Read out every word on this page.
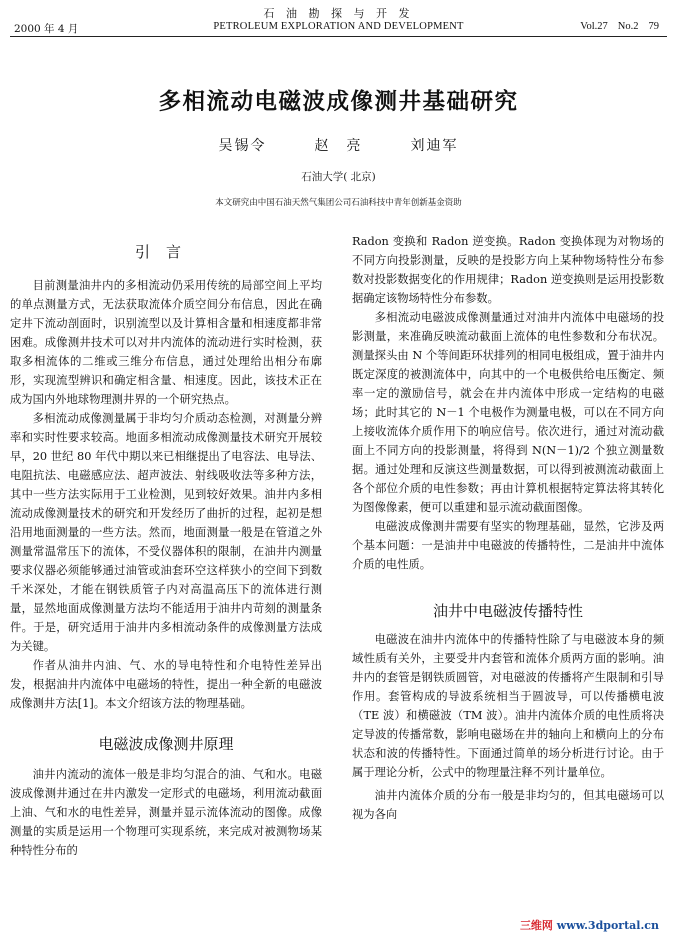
2000 年 4 月
石 油 勘 探 与 开 发
PETROLEUM EXPLORATION AND DEVELOPMENT	Vol.27 No.2 79
多相流动电磁波成像测井基础研究
吴锡令	赵　亮	刘迪军
石油大学( 北京)
本文研究由中国石油天然气集团公司石油科技中青年创新基金资助
引言

目前测量油井内的多相流动仍采用传统的局部空间上平均的单点测量方式，无法获取流体介质空间分布信息，因此在确定井下流动剖面时，识别流型以及计算相含量和相速度都非常困难。成像测井技术可以对井内流体的流动进行实时检测，获取多相流体的二维或三维分布信息，通过处理给出相分布廓形，实现流型辨识和确定相含量、相速度。因此，该技术正在成为国内外地球物理测井界的一个研究热点。

多相流动成像测量属于非均匀介质动态检测，对测量分辨率和实时性要求较高。地面多相流动成像测量技术研究开展较早，20 世纪 80 年代中期以来已相继提出了电容法、电导法、电阻抗法、电磁感应法、超声波法、射线吸收法等多种方法，其中一些方法实际用于工业检测，见到较好效果。油井内多相流动成像测量技术的研究和开发经历了曲折的过程，起初是想沿用地面测量的一些方法。然而，地面测量一般是在管道之外测量常温常压下的流体，不受仪器体积的限制，在油井内测量要求仪器必须能够通过油管或油套环空这样狭小的空间下到数千米深处，才能在钢铁质管子内对高温高压下的流体进行测量，显然地面成像测量方法均不能适用于油井内苛刻的测量条件。于是，研究适用于油井内多相流动条件的成像测量方法成为关键。

作者从油井内油、气、水的导电特性和介电特性差异出发，根据油井内流体中电磁场的特性，提出一种全新的电磁波成像测井方法[1]。本文介绍该方法的物理基础。

电磁波成像测井原理

油井内流动的流体一般是非均匀混合的油、气和水。电磁波成像测井通过在井内激发一定形式的电磁场，利用流动截面上油、气和水的电性差异，测量并显示流体流动的图像。成像测量的实质是运用一个物理可实现系统，来完成对被测物场某种特性分布的

Radon 变换和 Radon 逆变换。Radon 变换体现为对物场的不同方向投影测量，反映的是投影方向上某种物场特性分布参数对投影数据变化的作用规律；Radon 逆变换则是运用投影数据确定该物场特性分布参数。

多相流动电磁波成像测量通过对油井内流体中电磁场的投影测量，来准确反映流动截面上流体的电性参数和分布状况。测量探头由 N 个等间距环状排列的相同电极组成，置于油井内既定深度的被测流体中，向其中的一个电极供给电压衡定、频率一定的激励信号，就会在井内流体中形成一定结构的电磁场；此时其它的 N－1 个电极作为测量电极，可以在不同方向上接收流体介质作用下的响应信号。依次进行，通过对流动截面上不同方向的投影测量，将得到 N(N－1)/2 个独立测量数据。通过处理和反演这些测量数据，可以得到被测流动截面上各个部位介质的电性参数；再由计算机根据特定算法将其转化为图像像素，便可以重建和显示流动截面图像。

电磁波成像测井需要有坚实的物理基础，显然，它涉及两个基本问题：一是油井中电磁波的传播特性，二是油井中流体介质的电性质。

油井中电磁波传播特性

电磁波在油井内流体中的传播特性除了与电磁波本身的频域性质有关外，主要受井内套管和流体介质两方面的影响。油井内的套管是钢铁质圆管，对电磁波的传播将产生限制和引导作用。套管构成的导波系统相当于圆波导，可以传播横电波（TE 波）和横磁波（TM 波）。油井内流体介质的电性质将决定导波的传播常数，影响电磁场在井的轴向上和横向上的分布状态和波的传播特性。下面通过简单的场分析进行讨论。由于属于理论分析，公式中的物理量注释不列计量单位。

油井内流体介质的分布一般是非均匀的，但其电磁场可以视为各向

三维网 www.3dportal.cn
